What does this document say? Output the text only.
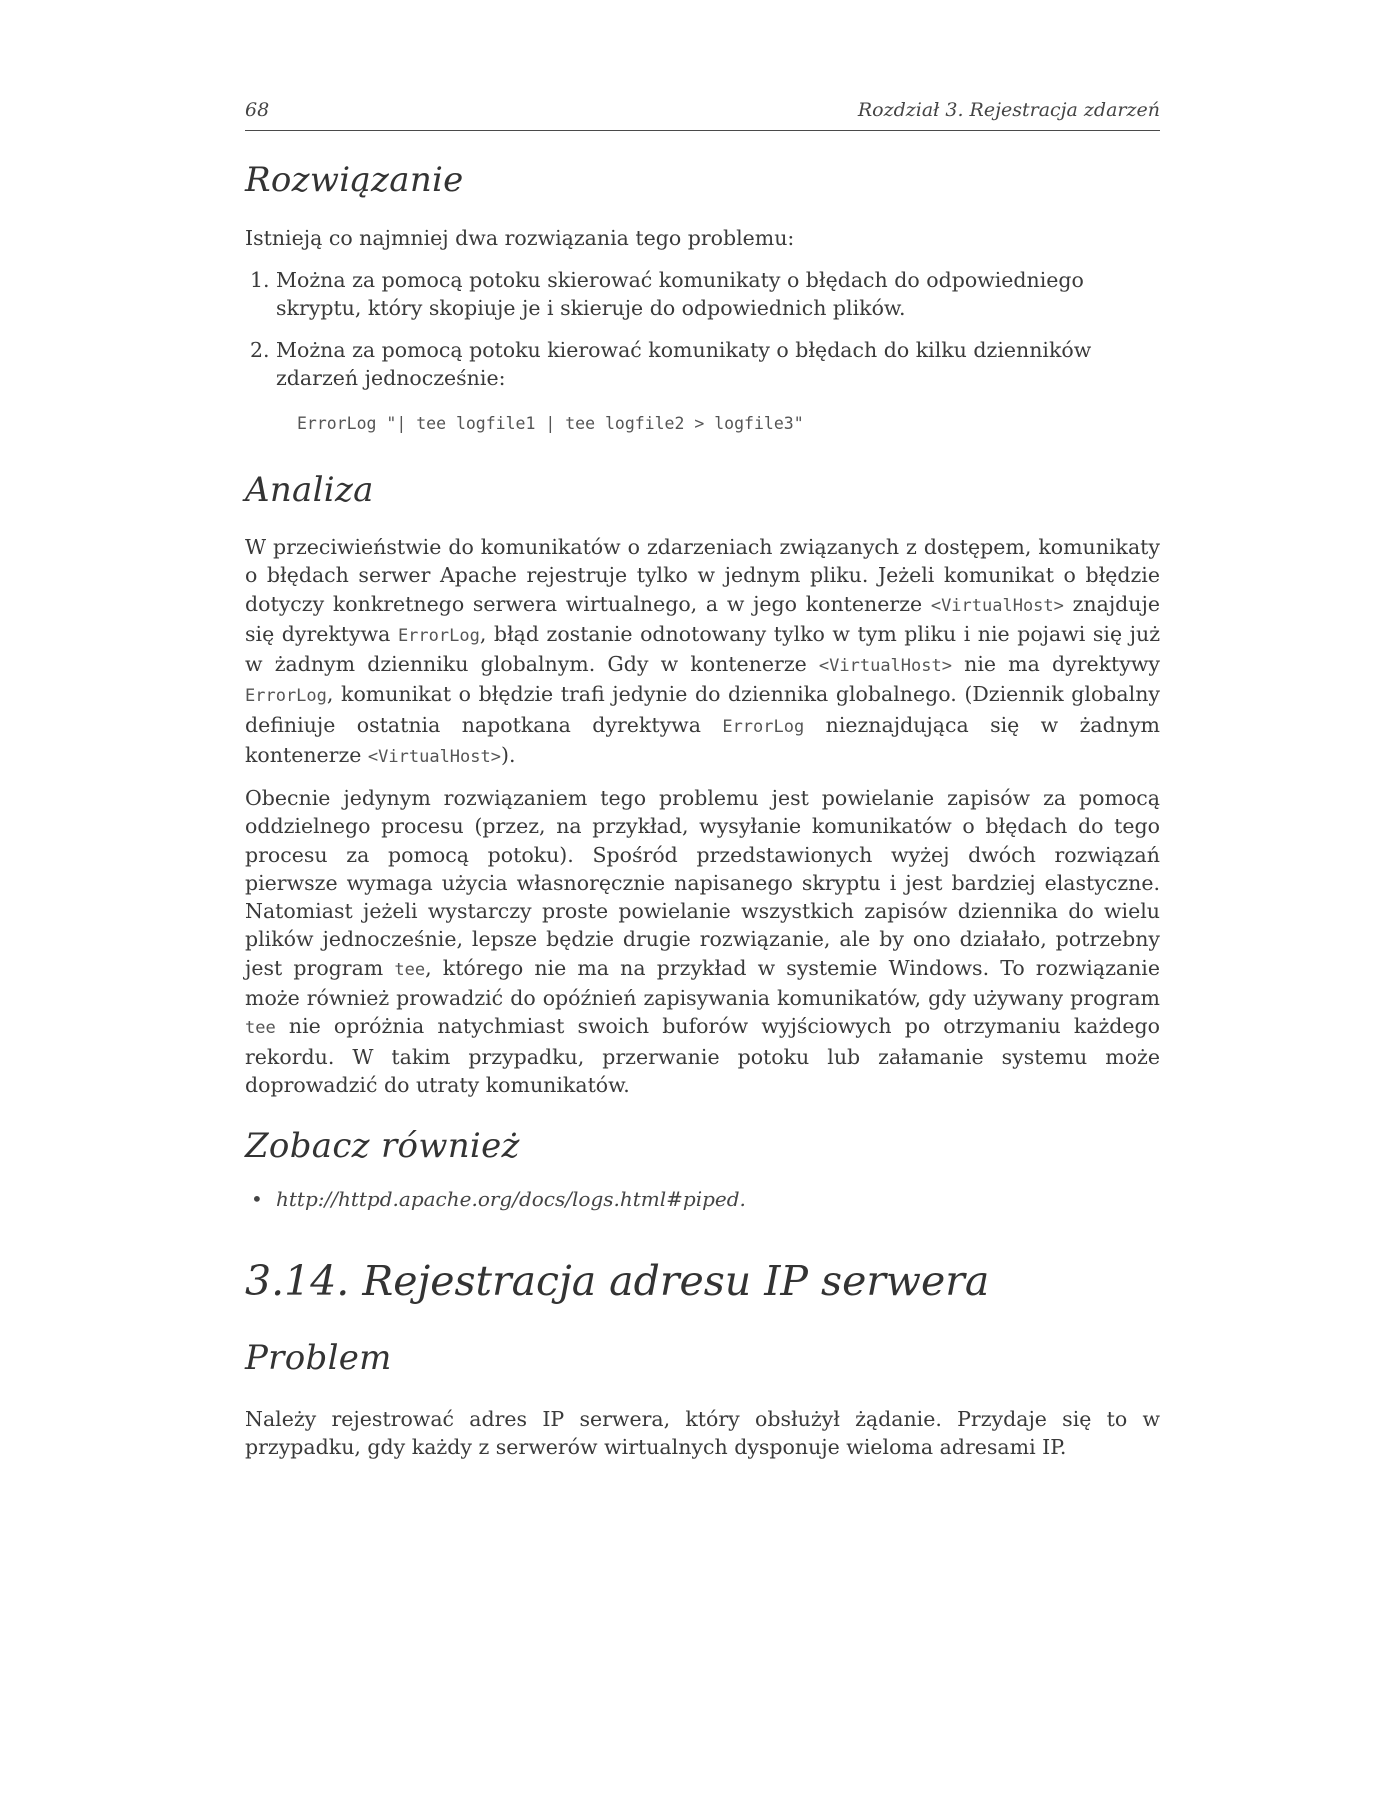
68	Rozdział 3. Rejestracja zdarzeń
Rozwiązanie

Istnieją co najmniej dwa rozwiązania tego problemu:

1. Można za pomocą potoku skierować komunikaty o błędach do odpowiedniego skryptu, który skopiuje je i skieruje do odpowiednich plików.
2. Można za pomocą potoku kierować komunikaty o błędach do kilku dzienników zdarzeń jednocześnie:
ErrorLog "| tee logfile1 | tee logfile2 > logfile3"
Analiza

W przeciwieństwie do komunikatów o zdarzeniach związanych z dostępem, komunikaty o błędach serwer Apache rejestruje tylko w jednym pliku. Jeżeli komunikat o błędzie dotyczy konkretnego serwera wirtualnego, a w jego kontenerze <VirtualHost> znajduje się dyrektywa ErrorLog, błąd zostanie odnotowany tylko w tym pliku i nie pojawi się już w żadnym dzienniku globalnym. Gdy w kontenerze <VirtualHost> nie ma dyrektywy ErrorLog, komunikat o błędzie trafi jedynie do dziennika globalnego. (Dziennik globalny definiuje ostatnia napotkana dyrektywa ErrorLog nieznajdująca się w żadnym kontenerze <VirtualHost>).

Obecnie jedynym rozwiązaniem tego problemu jest powielanie zapisów za pomocą oddzielnego procesu (przez, na przykład, wysyłanie komunikatów o błędach do tego procesu za pomocą potoku). Spośród przedstawionych wyżej dwóch rozwiązań pierwsze wymaga użycia własnoręcznie napisanego skryptu i jest bardziej elastyczne. Natomiast jeżeli wystarczy proste powielanie wszystkich zapisów dziennika do wielu plików jednocześnie, lepsze będzie drugie rozwiązanie, ale by ono działało, potrzebny jest program tee, którego nie ma na przykład w systemie Windows. To rozwiązanie może również prowadzić do opóźnień zapisywania komunikatów, gdy używany program tee nie opróżnia natychmiast swoich buforów wyjściowych po otrzymaniu każdego rekordu. W takim przypadku, przerwanie potoku lub załamanie systemu może doprowadzić do utraty komunikatów.

Zobacz również
• http://httpd.apache.org/docs/logs.html#piped.
3.14. Rejestracja adresu IP serwera
Problem

Należy rejestrować adres IP serwera, który obsłużył żądanie. Przydaje się to w przypadku, gdy każdy z serwerów wirtualnych dysponuje wieloma adresami IP.
